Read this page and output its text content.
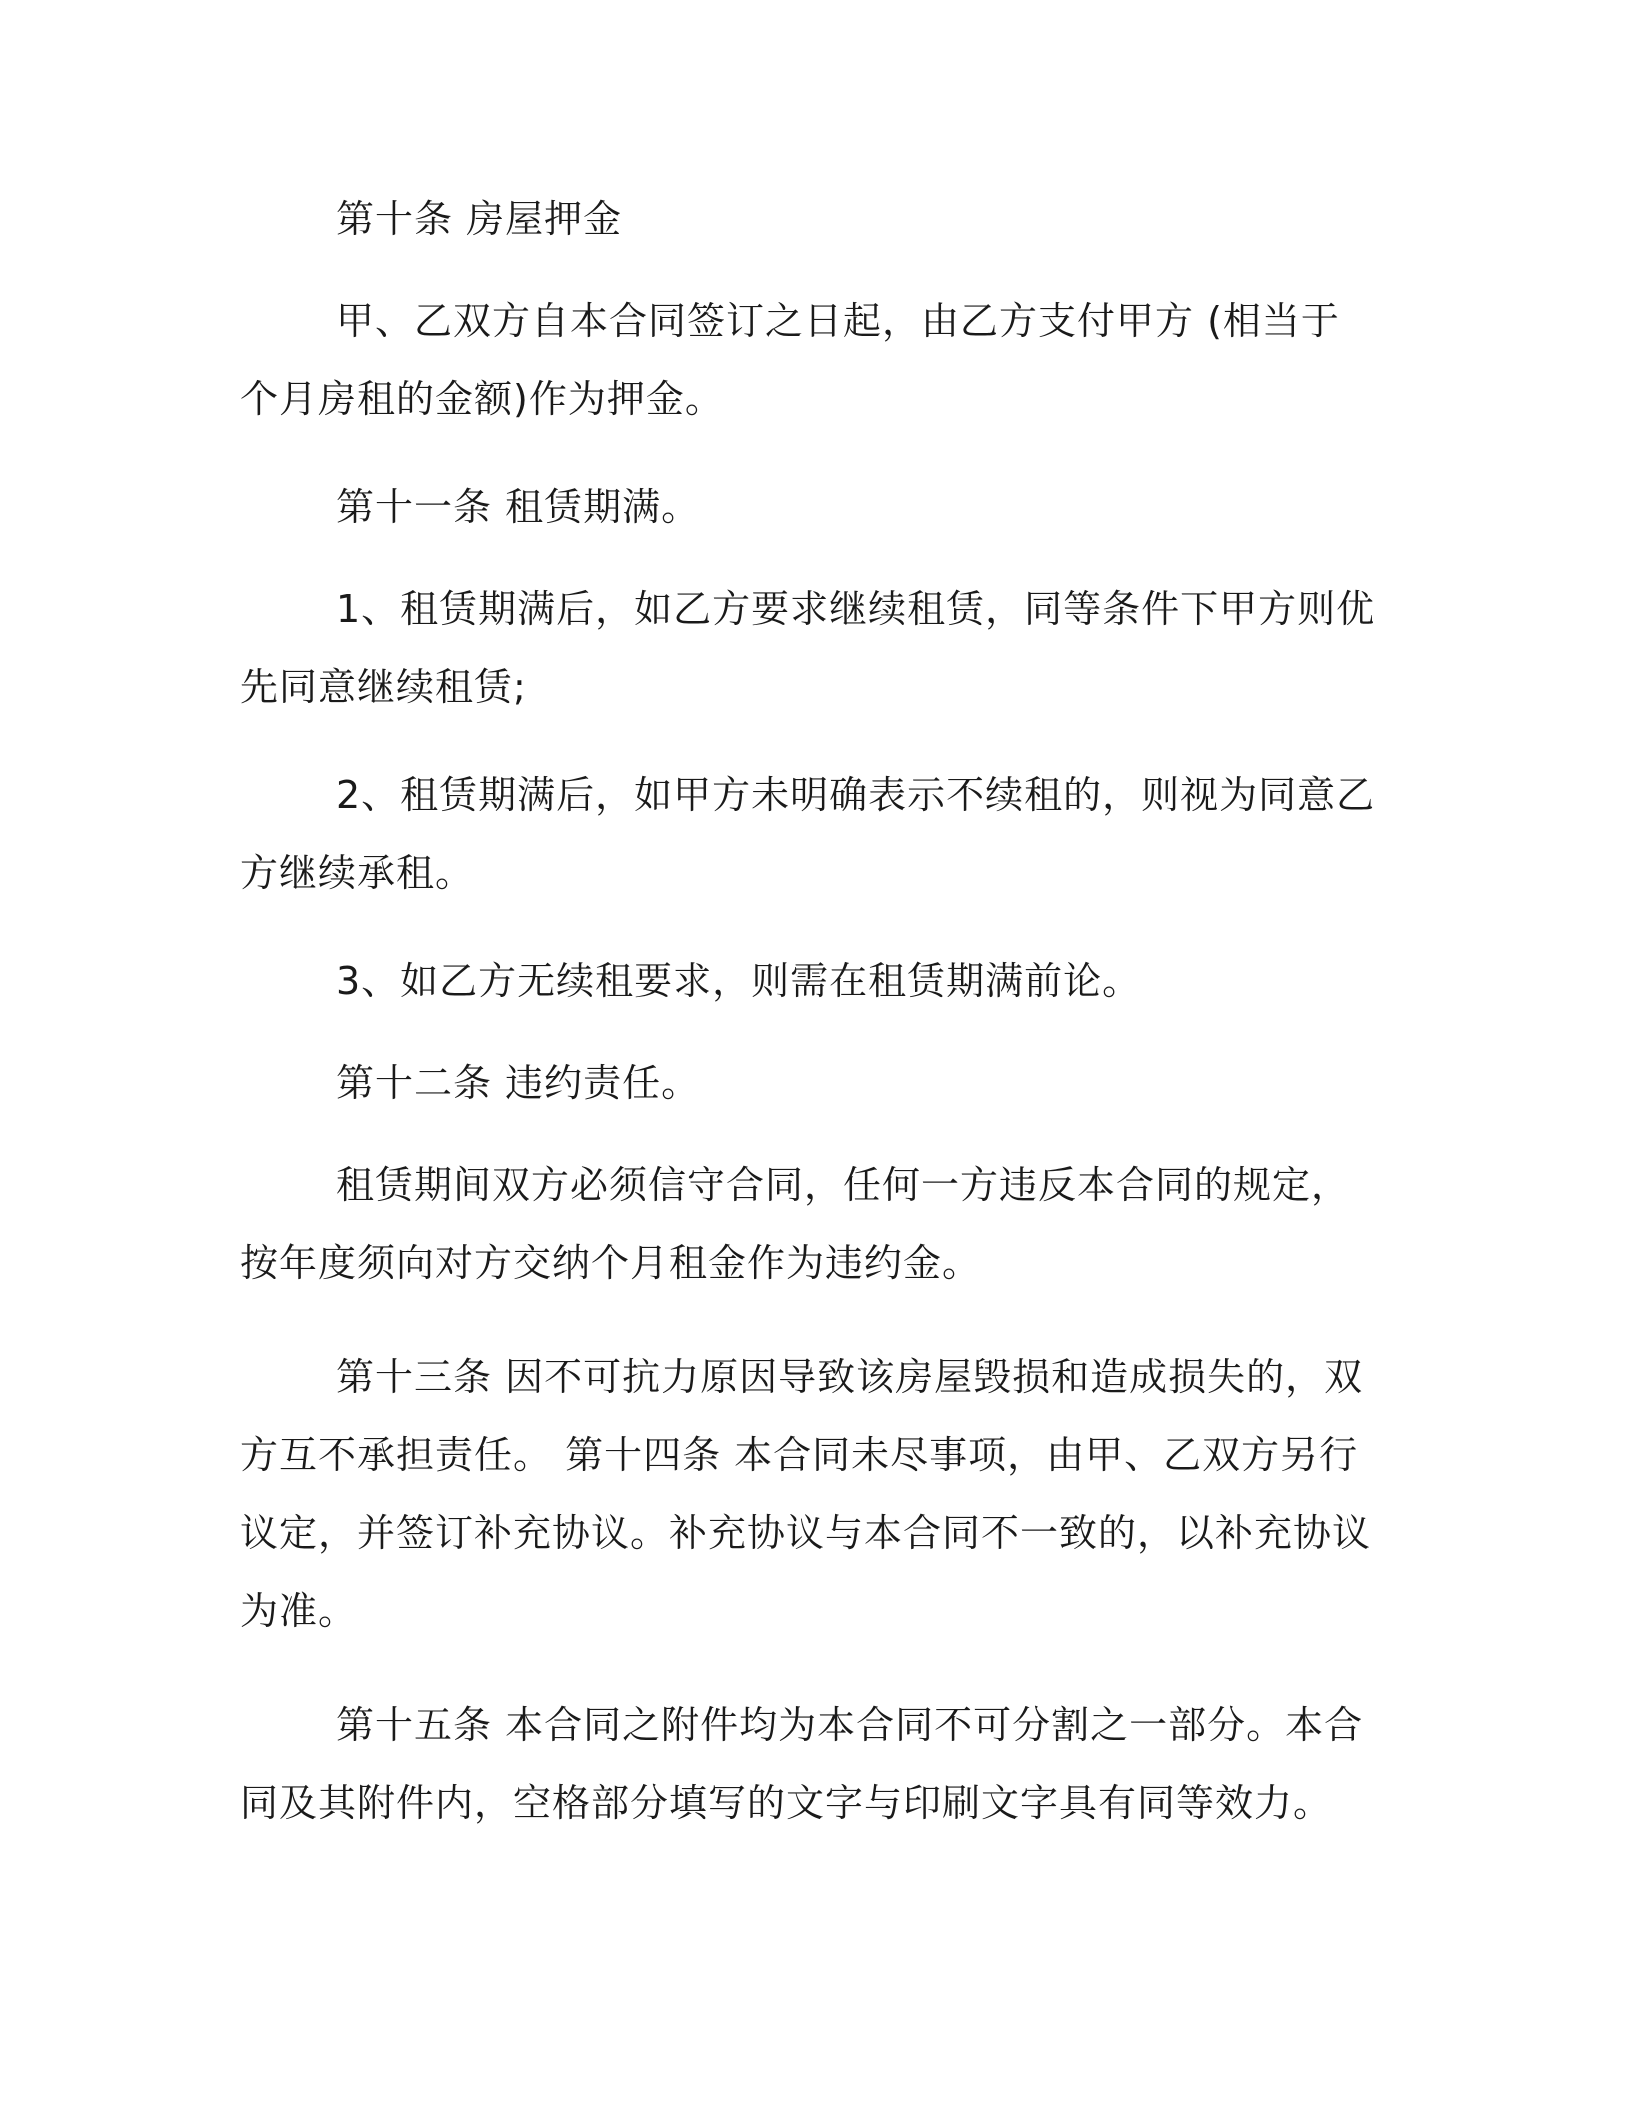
第十条 房屋押金

甲、乙双方自本合同签订之日起，由乙方支付甲方 (相当于 个月房租的金额)作为押金。

第十一条 租赁期满。

1、租赁期满后，如乙方要求继续租赁，同等条件下甲方则优先同意继续租赁;

2、租赁期满后，如甲方未明确表示不续租的，则视为同意乙方继续承租。

3、如乙方无续租要求，则需在租赁期满前论。

第十二条 违约责任。

租赁期间双方必须信守合同，任何一方违反本合同的规定，按年度须向对方交纳个月租金作为违约金。

第十三条 因不可抗力原因导致该房屋毁损和造成损失的，双方互不承担责任。 第十四条 本合同未尽事项，由甲、乙双方另行议定，并签订补充协议。补充协议与本合同不一致的，以补充协议为准。

第十五条 本合同之附件均为本合同不可分割之一部分。本合同及其附件内，空格部分填写的文字与印刷文字具有同等效力。
